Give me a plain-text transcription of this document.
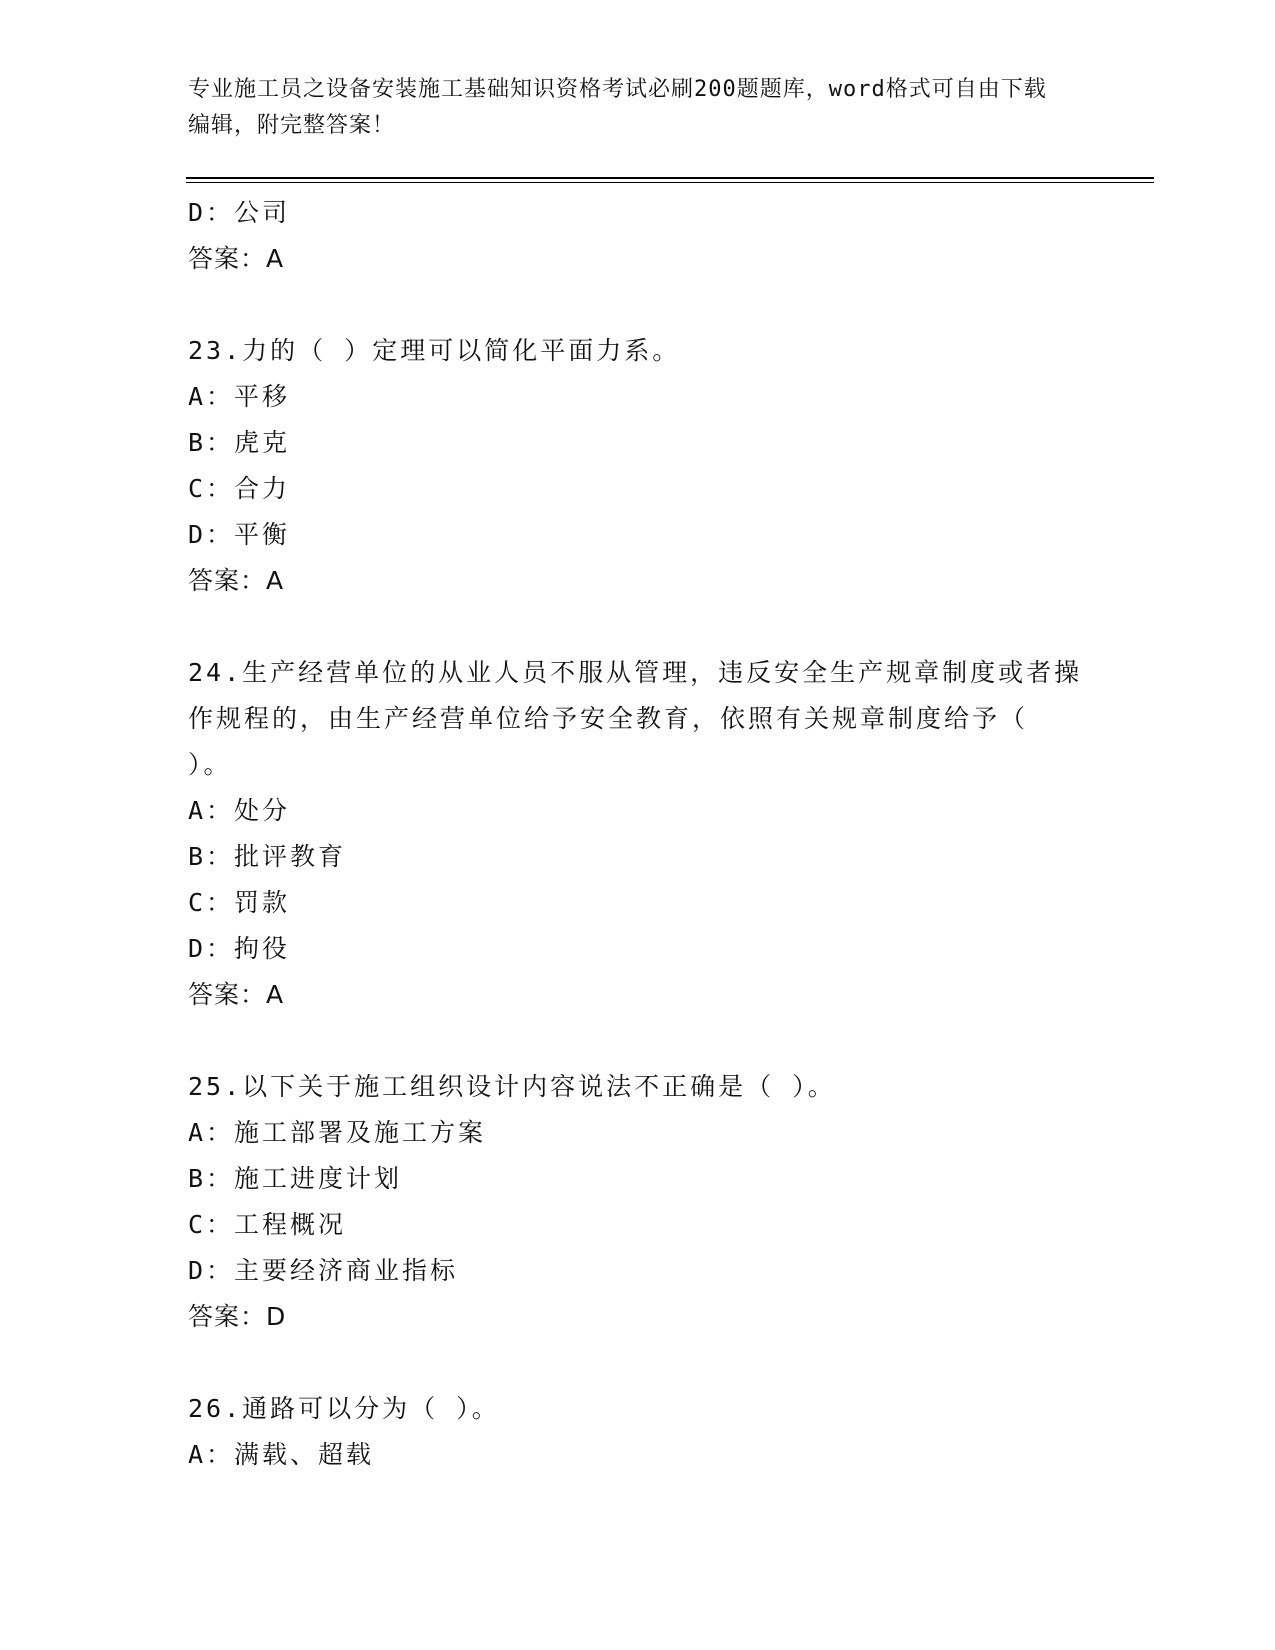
专业施工员之设备安装施工基础知识资格考试必刷200题题库，word格式可自由下载编辑，附完整答案！
D：公司
答案：A
23.力的（ ）定理可以简化平面力系。
A：平移
B：虎克
C：合力
D：平衡
答案：A
24.生产经营单位的从业人员不服从管理，违反安全生产规章制度或者操作规程的，由生产经营单位给予安全教育，依照有关规章制度给予（ ）。
A：处分
B：批评教育
C：罚款
D：拘役
答案：A
25.以下关于施工组织设计内容说法不正确是（ ）。
A：施工部署及施工方案
B：施工进度计划
C：工程概况
D：主要经济商业指标
答案：D
26.通路可以分为（ ）。
A：满载、超载
